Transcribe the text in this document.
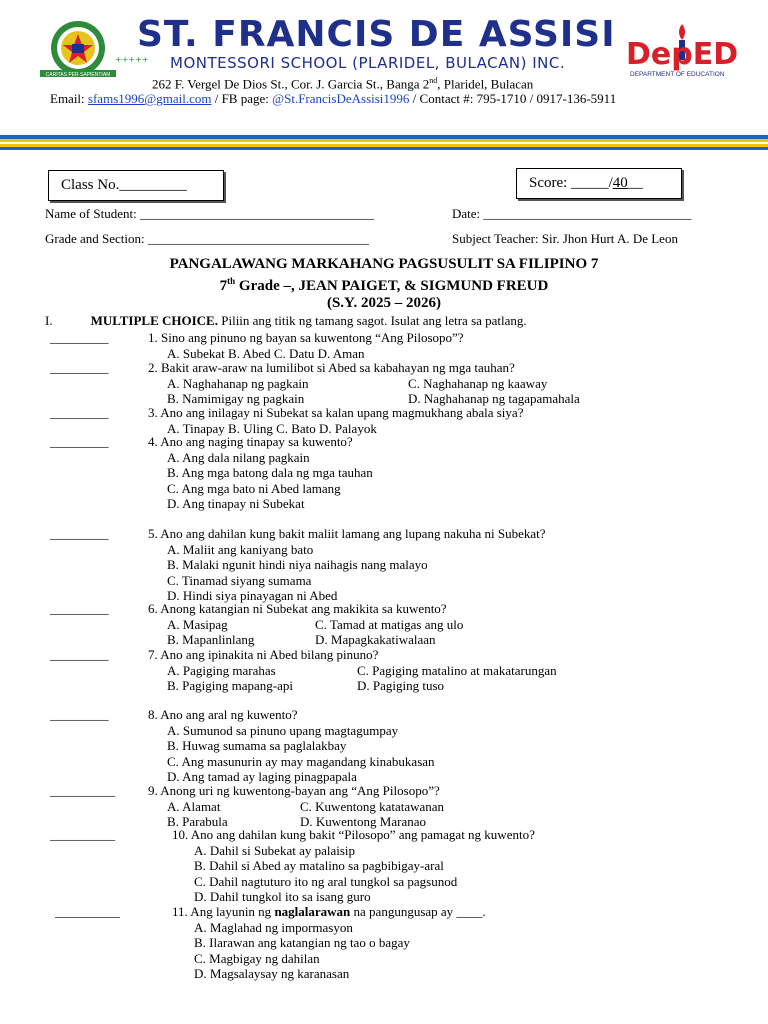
CARITAS PER SAPIENTIAM
+++++
ST. FRANCIS DE ASSISI
MONTESSORI SCHOOL (PLARIDEL, BULACAN) INC. DepED
DEPARTMENT OF EDUCATION
262 F. Vergel De Dios St., Cor. J. Garcia St., Banga 2nd, Plaridel, Bulacan
Email: sfams1996@gmail.com / FB page: @St.FrancisDeAssisi1996 / Contact #: 795-1710 / 0917-136-5911
Class No._________	Score: _____/40__
Name of Student: ____________________________________	Date: ________________________________
Grade and Section: __________________________________	Subject Teacher: Sir. Jhon Hurt A. De Leon
PANGALAWANG MARKAHANG PAGSUSULIT SA FILIPINO 7
7th Grade –, JEAN PAIGET, & SIGMUND FREUD
(S.Y. 2025 – 2026)
I.	MULTIPLE CHOICE. Piliin ang titik ng tamang sagot. Isulat ang letra sa patlang.
_________	1. Sino ang pinuno ng bayan sa kuwentong “Ang Pilosopo”?
A. Subekat B. Abed C. Datu D. Aman
_________	2. Bakit araw-araw na lumilibot si Abed sa kabahayan ng mga tauhan?
A. Naghahanap ng pagkain
B. Namimigay ng pagkain
C. Naghahanap ng kaaway
D. Naghahanap ng tagapamahala
_________	3. Ano ang inilagay ni Subekat sa kalan upang magmukhang abala siya?
A. Tinapay B. Uling C. Bato D. Palayok
_________	4. Ano ang naging tinapay sa kuwento?
A. Ang dala nilang pagkain
B. Ang mga batong dala ng mga tauhan
C. Ang mga bato ni Abed lamang
D. Ang tinapay ni Subekat
_________	5. Ano ang dahilan kung bakit maliit lamang ang lupang nakuha ni Subekat?
A. Maliit ang kaniyang bato
B. Malaki ngunit hindi niya naihagis nang malayo
C. Tinamad siyang sumama
D. Hindi siya pinayagan ni Abed
_________	6. Anong katangian ni Subekat ang makikita sa kuwento?
A. Masipag
B. Mapanlinlang
C. Tamad at matigas ang ulo
D. Mapagkakatiwalaan
_________	7. Ano ang ipinakita ni Abed bilang pinuno?
A. Pagiging marahas
B. Pagiging mapang-api
C. Pagiging matalino at makatarungan
D. Pagiging tuso
_________	8. Ano ang aral ng kuwento?
A. Sumunod sa pinuno upang magtagumpay
B. Huwag sumama sa paglalakbay
C. Ang masunurin ay may magandang kinabukasan
D. Ang tamad ay laging pinagpapala
__________	9. Anong uri ng kuwentong-bayan ang “Ang Pilosopo”?
A. Alamat
B. Parabula
C. Kuwentong katatawanan
D. Kuwentong Maranao
__________	10. Ano ang dahilan kung bakit “Pilosopo” ang pamagat ng kuwento?
A. Dahil si Subekat ay palaisip
B. Dahil si Abed ay matalino sa pagbibigay-aral
C. Dahil nagtuturo ito ng aral tungkol sa pagsunod
D. Dahil tungkol ito sa isang guro
__________	11. Ang layunin ng naglalarawan na pangungusap ay ____.
A. Maglahad ng impormasyon
B. Ilarawan ang katangian ng tao o bagay
C. Magbigay ng dahilan
D. Magsalaysay ng karanasan
